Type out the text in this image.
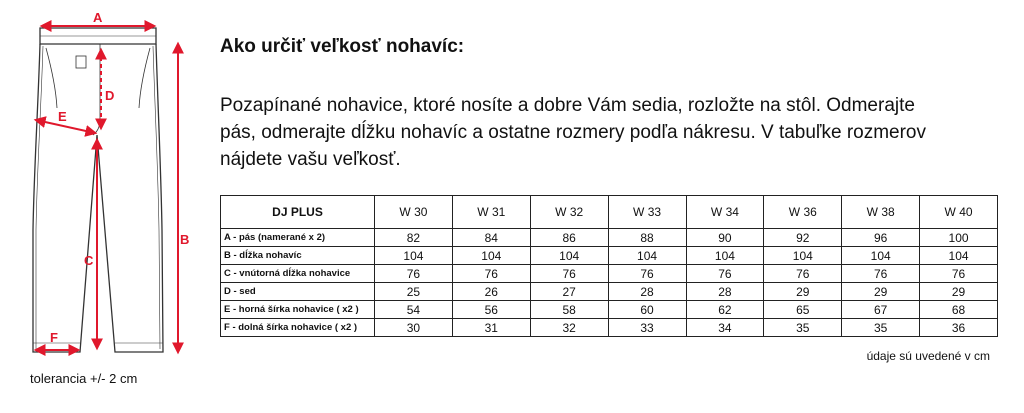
A
B
C
D
E
F
tolerancia +/- 2 cm
Ako určiť veľkosť nohavíc:

Pozapínané nohavice, ktoré nosíte a dobre Vám sedia, rozložte na stôl. Odmerajte pás, odmerajte dĺžku nohavíc a ostatne rozmery podľa nákresu. V tabuľke rozmerov nájdete vašu veľkosť.

DJ PLUS	W 30	W 31	W 32	W 33	W 34	W 36	W 38	W 40
A - pás (namerané x 2)	82	84	86	88	90	92	96	100
B - dĺžka nohavíc	104	104	104	104	104	104	104	104
C - vnútorná dĺžka nohavice	76	76	76	76	76	76	76	76
D - sed	25	26	27	28	28	29	29	29
E - horná šírka nohavice ( x2 )	54	56	58	60	62	65	67	68
F - dolná šírka nohavice ( x2 )	30	31	32	33	34	35	35	36
údaje sú uvedené v cm
